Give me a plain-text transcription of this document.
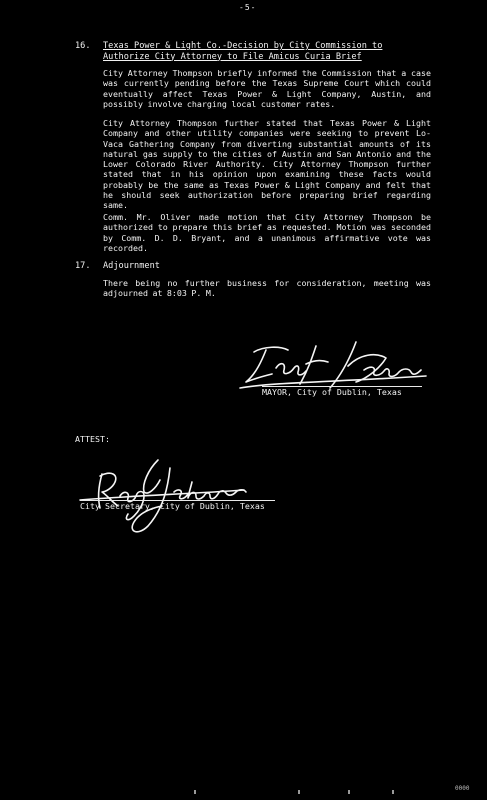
-5-
16. Texas Power & Light Co.-Decision by City Commission to Authorize City Attorney to File Amicus Curia Brief
City Attorney Thompson briefly informed the Commission that a case was currently pending before the Texas Supreme Court which could eventually affect Texas Power & Light Company, Austin, and possibly involve charging local customer rates.
City Attorney Thompson further stated that Texas Power & Light Company and other utility companies were seeking to prevent Lo-Vaca Gathering Company from diverting substantial amounts of its natural gas supply to the cities of Austin and San Antonio and the Lower Colorado River Authority. City Attorney Thompson further stated that in his opinion upon examining these facts would probably be the same as Texas Power & Light Company and felt that he should seek authorization before preparing brief regarding same.
Comm. Mr. Oliver made motion that City Attorney Thompson be authorized to prepare this brief as requested. Motion was seconded by Comm. D. D. Bryant, and a unanimous affirmative vote was recorded.
17. Adjournment
There being no further business for consideration, meeting was adjourned at 8:03 P. M.
MAYOR, City of Dublin, Texas
ATTEST:
City Secretary, City of Dublin, Texas
0000
